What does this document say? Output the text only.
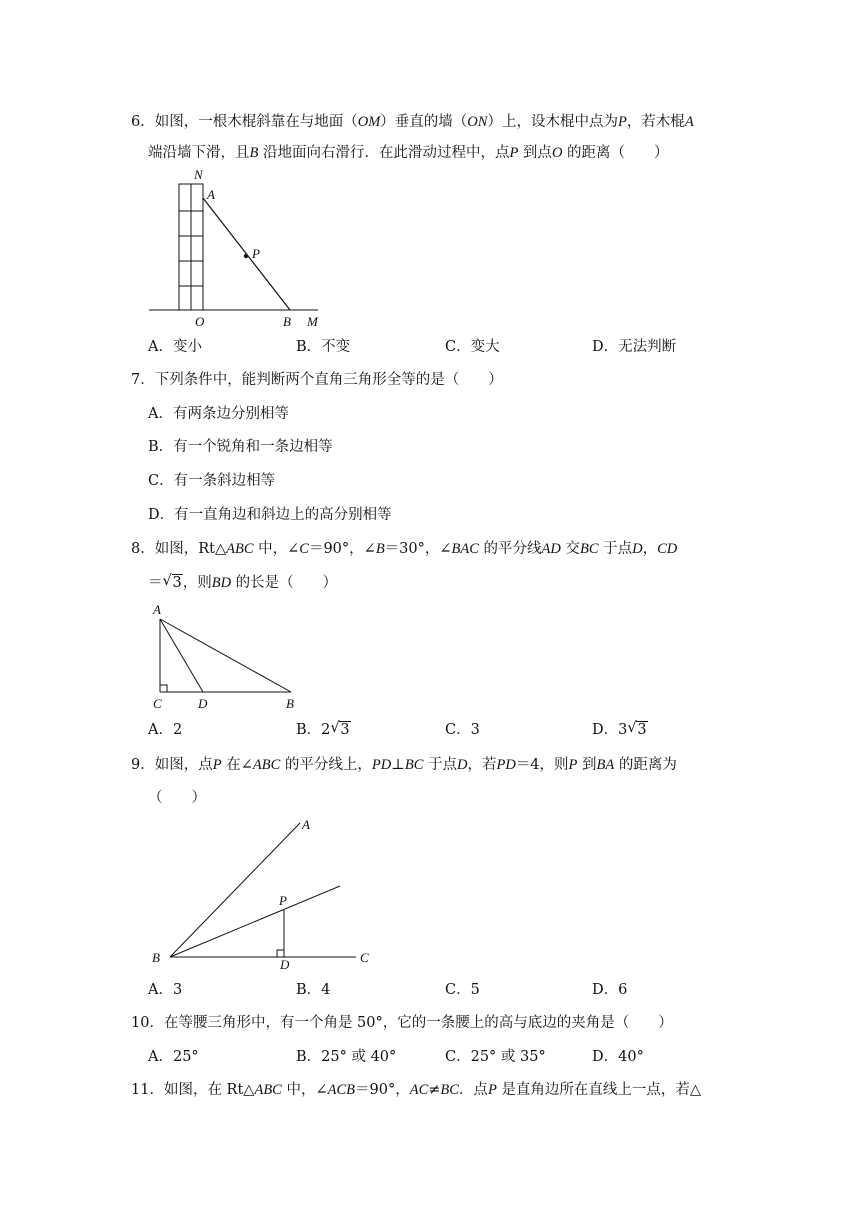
6．如图，一根木棍斜靠在与地面（OM）垂直的墙（ON）上，设木棍中点为P，若木棍A
端沿墙下滑，且B 沿地面向右滑行．在此滑动过程中，点P 到点O 的距离（　　）
N
A
P
O	B M
A．变小	B．不变	C．变大	D．无法判断
7．下列条件中，能判断两个直角三角形全等的是（　　）
A．有两条边分别相等
B．有一个锐角和一条边相等
C．有一条斜边相等
D．有一直角边和斜边上的高分别相等
8．如图，Rt△ABC 中，∠C＝90°，∠B＝30°，∠BAC 的平分线AD 交BC 于点D，CD
＝ √ 3，则BD 的长是（　　）
A
C	D	B
A．2	B．2 √ 3	C．3	D．3 √ 3
9．如图，点P 在∠ABC 的平分线上，PD⊥BC 于点D，若PD＝4，则P 到BA 的距离为
（　　）
A
P
B	D	C
A．3	B．4	C．5	D．6
10．在等腰三角形中，有一个角是 50°，它的一条腰上的高与底边的夹角是（　　）
A．25°	B．25° 或 40°	C．25° 或 35°	D．40°
11．如图，在 Rt△ABC 中，∠ACB＝90°，AC≠BC．点P 是直角边所在直线上一点，若△
